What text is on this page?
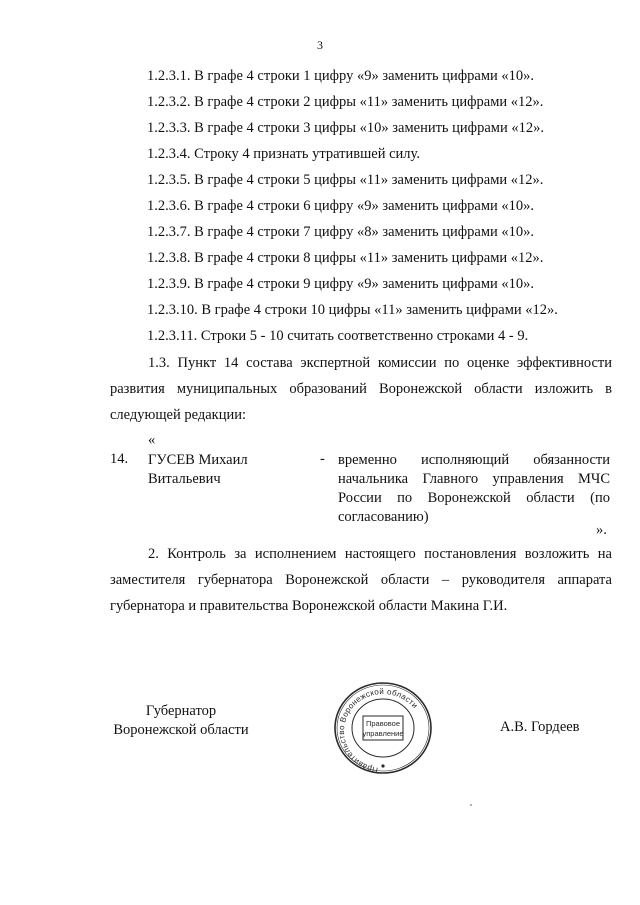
3
1.2.3.1. В графе 4 строки 1 цифру «9» заменить цифрами «10».
1.2.3.2. В графе 4 строки 2 цифры «11» заменить цифрами «12».
1.2.3.3. В графе 4 строки 3 цифры «10» заменить цифрами «12».
1.2.3.4. Строку 4 признать утратившей силу.
1.2.3.5. В графе 4 строки 5 цифры «11» заменить цифрами «12».
1.2.3.6. В графе 4 строки 6 цифру «9» заменить цифрами «10».
1.2.3.7. В графе 4 строки 7 цифру «8» заменить цифрами «10».
1.2.3.8. В графе 4 строки 8 цифры «11» заменить цифрами «12».
1.2.3.9. В графе 4 строки 9 цифру «9» заменить цифрами «10».
1.2.3.10. В графе 4 строки 10 цифры «11» заменить цифрами «12».
1.2.3.11. Строки 5 - 10 считать соответственно строками 4 - 9.
1.3. Пункт 14 состава экспертной комиссии по оценке эффективности развития муниципальных образований Воронежской области изложить в следующей редакции:
«
14. ГУСЕВ Михаил
Витальевич
- временно исполняющий обязанности начальника Главного управления МЧС России по Воронежской области (по
согласованию)
».
2. Контроль за исполнением настоящего постановления возложить на заместителя губернатора Воронежской области – руководителя аппарата губернатора и правительства Воронежской области Макина Г.И.
Губернатор
Воронежской области
Правительство Воронежской области
Правовое
управление	А.В. Гордеев
